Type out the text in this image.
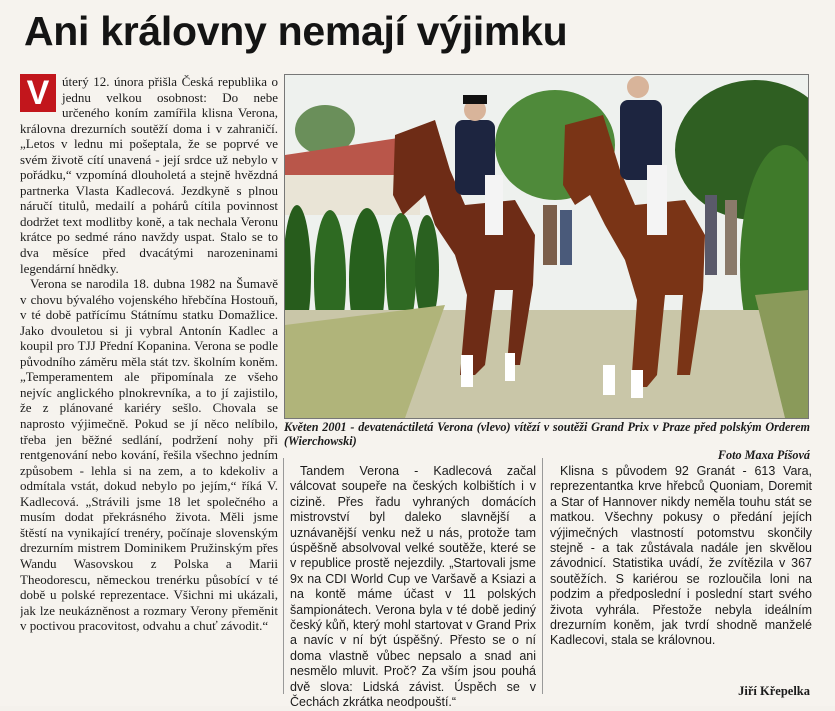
Ani královny nemají výjimku

V úterý 12. února přišla Česká republika o jednu velkou osobnost: Do nebe určeného koním zamířila klisna Verona, královna drezurních soutěží doma i v zahraničí. „Letos v lednu mi pošeptala, že se poprvé ve svém životě cítí unavená - její srdce už nebylo v pořádku,“ vzpomíná dlouholetá a stejně hvězdná partnerka Vlasta Kadlecová. Jezdkyně s plnou náručí titulů, medailí a pohárů cítila povinnost dodržet text modlitby koně, a tak nechala Veronu krátce po sedmé ráno navždy uspat. Stalo se to dva měsíce před dvacátými narozeninami legendární hnědky.

Verona se narodila 18. dubna 1982 na Šumavě v chovu bývalého vojenského hřebčína Hostouň, v té době patřícímu Státnímu statku Domažlice. Jako dvouletou si ji vybral Antonín Kadlec a koupil pro TJJ Přední Kopanina. Verona se podle původního záměru měla stát tzv. školním koněm. „Temperamentem ale připomínala ze všeho nejvíc anglického plnokrevníka, a to jí zajistilo, že z plánované kariéry sešlo. Chovala se naprosto výjimečně. Pokud se jí něco nelíbilo, třeba jen běžné sedlání, podržení nohy při rentgenování nebo kování, řešila všechno jedním způsobem - lehla si na zem, a to kdekoliv a odmítala vstát, dokud nebylo po jejím,“ říká V. Kadlecová. „Strávili jsme 18 let společného a musím dodat překrásného života. Měli jsme štěstí na vynikající trenéry, počínaje slovenským drezurním mistrem Dominikem Pružinským přes Wandu Wasovskou z Polska a Marii Theodorescu, německou trenérku působící v té době u polské reprezentace. Všichni mi ukázali, jak lze neukázněnost a rozmary Verony přeměnit v poctivou pracovitost, odvahu a chuť závodit.“

Květen 2001 - devatenáctiletá Verona (vlevo) vítězí v soutěži Grand Prix v Praze před polským Orderem (Wierchowski)
Foto Maxa Píšová

Tandem Verona - Kadlecová začal válcovat soupeře na českých kolbištích i v cizině. Přes řadu vyhraných domácích mistrovství byl daleko slavnější a uznávanější venku než u nás, protože tam úspěšně absolvoval velké soutěže, které se v republice prostě nejezdily. „Startovali jsme 9x na CDI World Cup ve Varšavě a Ksiazi a na kontě máme účast v 11 polských šampionátech. Verona byla v té době jediný český kůň, který mohl startovat v Grand Prix a navíc v ní být úspěšný. Přesto se o ní doma vlastně vůbec nepsalo a snad ani nesmělo mluvit. Proč? Za vším jsou pouhá dvě slova: Lidská závist. Úspěch se v Čechách zkrátka neodpouští.“

Klisna s původem 92 Granát - 613 Vara, reprezentantka krve hřebců Quoniam, Doremit a Star of Hannover nikdy neměla touhu stát se matkou. Všechny pokusy o předání jejích výjimečných vlastností potomstvu skončily stejně - a tak zůstávala nadále jen skvělou závodnicí. Statistika uvádí, že zvítězila v 367 soutěžích. S kariérou se rozloučila loni na podzim a předposlední i poslední start svého života vyhrála. Přestože nebyla ideálním drezurním koněm, jak tvrdí shodně manželé Kadlecovi, stala se královnou.

Jiří Křepelka
